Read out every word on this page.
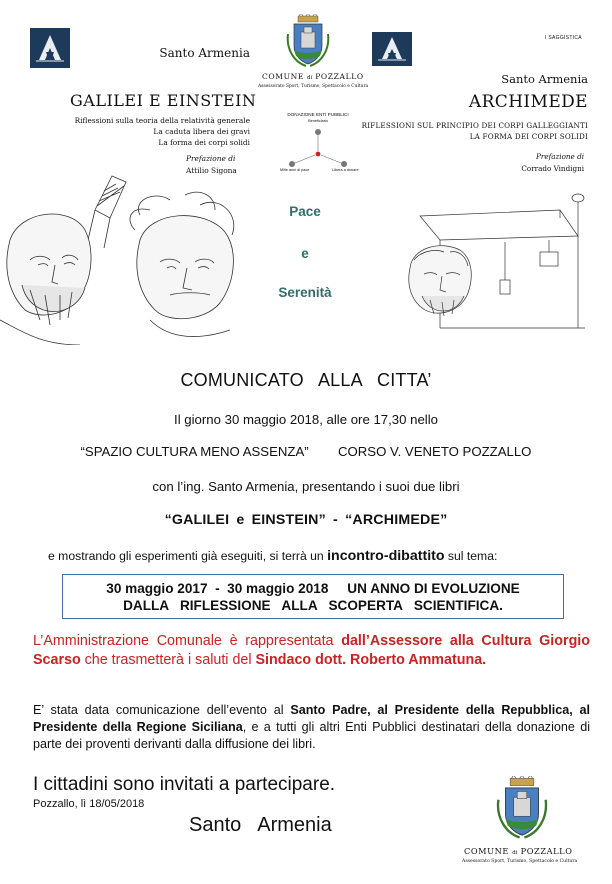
Santo Armenia
GALILEI E EINSTEIN
Riflessioni sulla teoria della relatività generale
La caduta libera dei gravi
La forma dei corpi solidi
Prefazione di
Attilio Sigona
COMUNE di POZZALLO
Assessorato Sport, Turismo, Spettacolo e Cultura
DONAZIONE ENTI PUBBLICI
Beneficiario
Mille anni di pace	Libera a donare
Pace
e
Serenità
I SAGGISTICA
Santo Armenia
ARCHIMEDE
RIFLESSIONI SUL PRINCIPIO DEI CORPI GALLEGGIANTI
LA FORMA DEI CORPI SOLIDI
Prefazione di
Corrado Vindigni
COMUNICATO ALLA CITTA’
Il giorno 30 maggio 2018, alle ore 17,30 nello
“SPAZIO CULTURA MENO ASSENZA”        CORSO V. VENETO POZZALLO
con l’ing. Santo Armenia, presentando i suoi due libri
“GALILEI e EINSTEIN” - “ARCHIMEDE”
e mostrando gli esperimenti già eseguiti, si terrà un incontro-dibattito sul tema:
30 maggio 2017  -  30 maggio 2018     UN ANNO DI EVOLUZIONE
DALLA   RIFLESSIONE   ALLA   SCOPERTA   SCIENTIFICA.
L’Amministrazione Comunale è rappresentata dall’Assessore alla Cultura Giorgio Scarso che trasmetterà i saluti del Sindaco dott. Roberto Ammatuna.
E’ stata data comunicazione dell’evento al Santo Padre, al Presidente della Repubblica, al Presidente della Regione Siciliana, e a tutti gli altri Enti Pubblici destinatari della donazione di parte dei proventi derivanti dalla diffusione dei libri.
I cittadini sono invitati a partecipare.
Pozzallo, lì 18/05/2018
Santo  Armenia
COMUNE di POZZALLO
Assessorato Sport, Turismo, Spettacolo e Cultura
